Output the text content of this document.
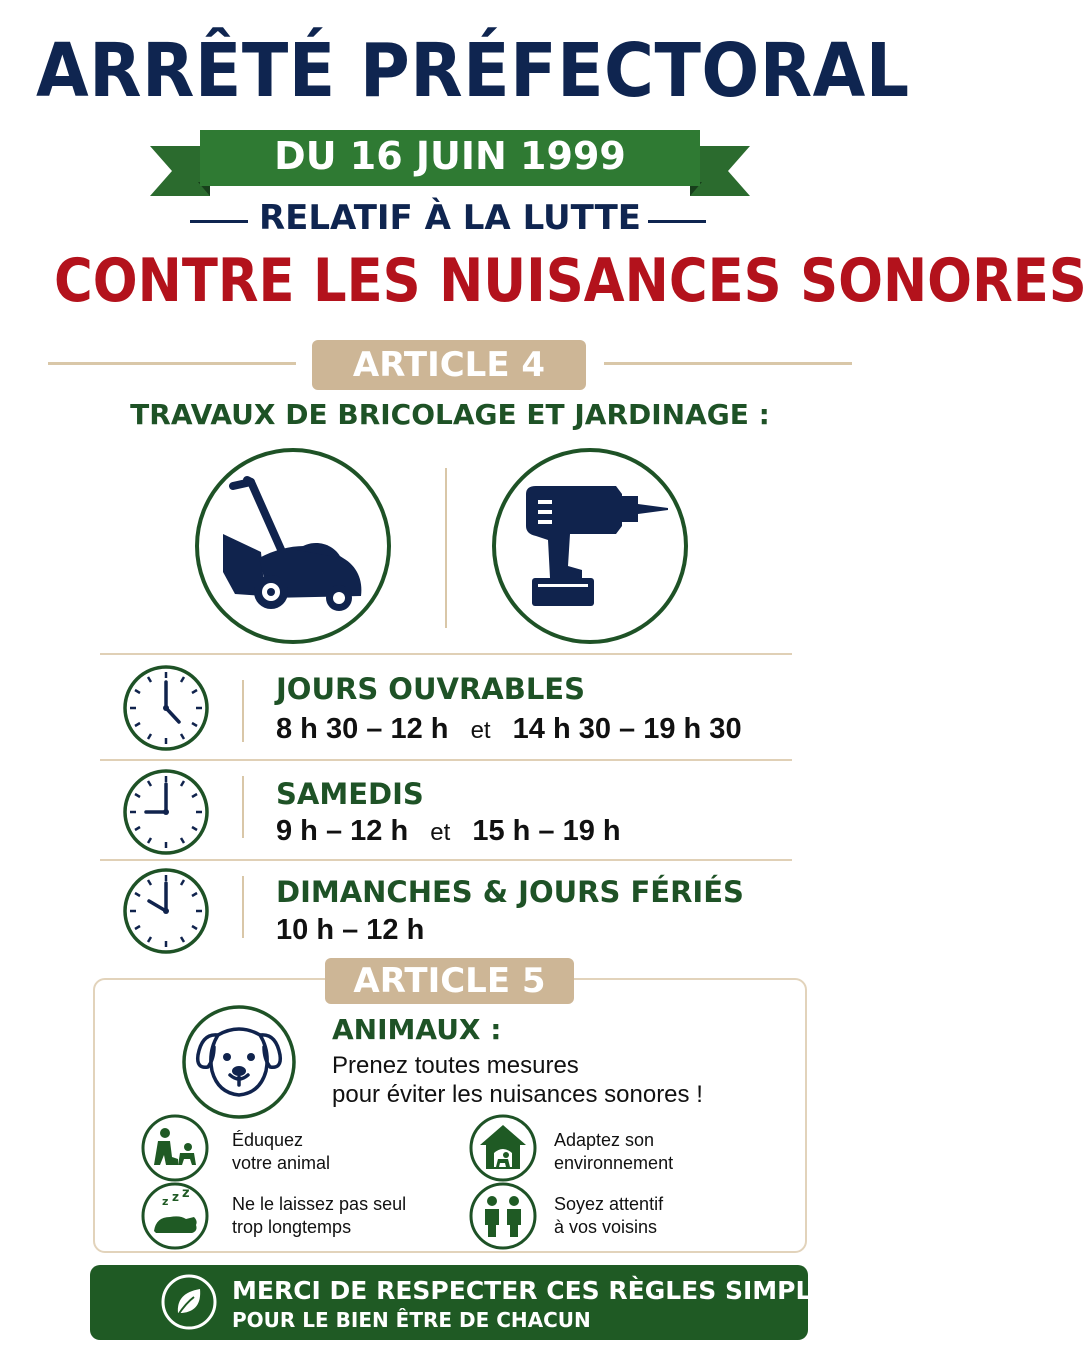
ARRÊTÉ PRÉFECTORAL
DU 16 JUIN 1999
RELATIF À LA LUTTE
CONTRE LES NUISANCES SONORES
ARTICLE 4
TRAVAUX DE BRICOLAGE ET JARDINAGE :
JOURS OUVRABLES
8 h 30 – 12 h et 14 h 30 – 19 h 30
SAMEDIS
9 h – 12 h et 15 h – 19 h
DIMANCHES & JOURS FÉRIÉS
10 h – 12 h
ARTICLE 5
ANIMAUX :
Prenez toutes mesures
pour éviter les nuisances sonores !
Éduquez
votre animal
Adaptez son
environnement
z z z
Ne le laissez pas seul
trop longtemps
Soyez attentif
à vos voisins
MERCI DE RESPECTER CES RÈGLES SIMPLES
POUR LE BIEN ÊTRE DE CHACUN
